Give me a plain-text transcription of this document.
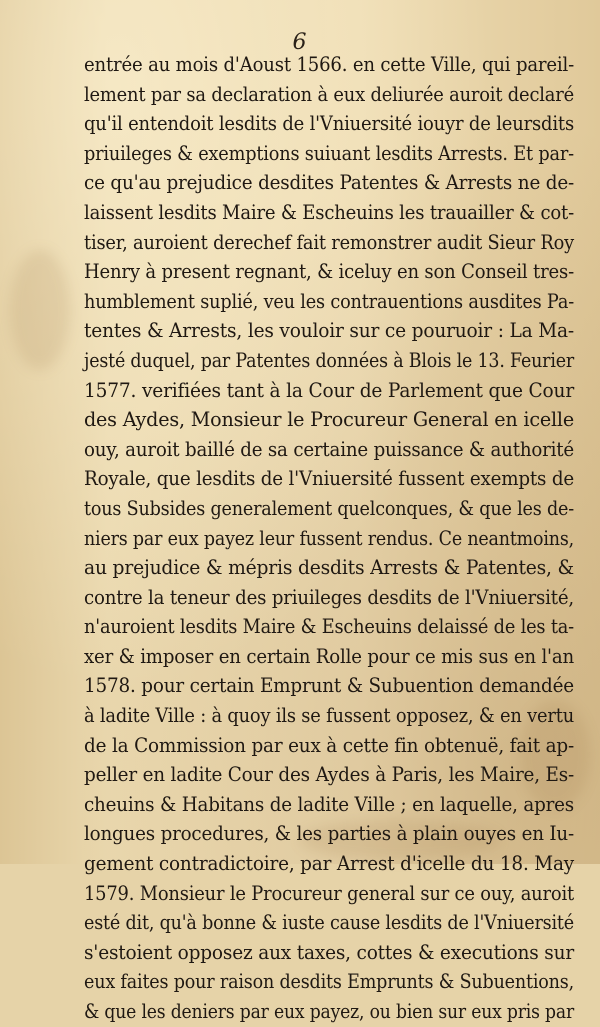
6
entrée au mois d'Aoust 1566. en cette Ville, qui pareil-
lement par sa declaration à eux deliurée auroit declaré
qu'il entendoit lesdits de l'Vniuersité iouyr de leursdits
priuileges & exemptions suiuant lesdits Arrests. Et par-
ce qu'au prejudice desdites Patentes & Arrests ne de-
laissent lesdits Maire & Escheuins les trauailler & cot-
tiser, auroient derechef fait remonstrer audit Sieur Roy
Henry à present regnant, & iceluy en son Conseil tres-
humblement suplié, veu les contrauentions ausdites Pa-
tentes & Arrests, les vouloir sur ce pouruoir : La Ma-
jesté duquel, par Patentes données à Blois le 13. Feurier
1577. verifiées tant à la Cour de Parlement que Cour
des Aydes, Monsieur le Procureur General en icelle
ouy, auroit baillé de sa certaine puissance & authorité
Royale, que lesdits de l'Vniuersité fussent exempts de
tous Subsides generalement quelconques, & que les de-
niers par eux payez leur fussent rendus. Ce neantmoins,
au prejudice & mépris desdits Arrests & Patentes, &
contre la teneur des priuileges desdits de l'Vniuersité,
n'auroient lesdits Maire & Escheuins delaissé de les ta-
xer & imposer en certain Rolle pour ce mis sus en l'an
1578. pour certain Emprunt & Subuention demandée
à ladite Ville : à quoy ils se fussent opposez, & en vertu
de la Commission par eux à cette fin obtenuë, fait ap-
peller en ladite Cour des Aydes à Paris, les Maire, Es-
cheuins & Habitans de ladite Ville ; en laquelle, apres
longues procedures, & les parties à plain ouyes en Iu-
gement contradictoire, par Arrest d'icelle du 18. May
1579. Monsieur le Procureur general sur ce ouy, auroit
esté dit, qu'à bonne & iuste cause lesdits de l'Vniuersité
s'estoient opposez aux taxes, cottes & executions sur
eux faites pour raison desdits Emprunts & Subuentions,
& que les deniers par eux payez, ou bien sur eux pris par
